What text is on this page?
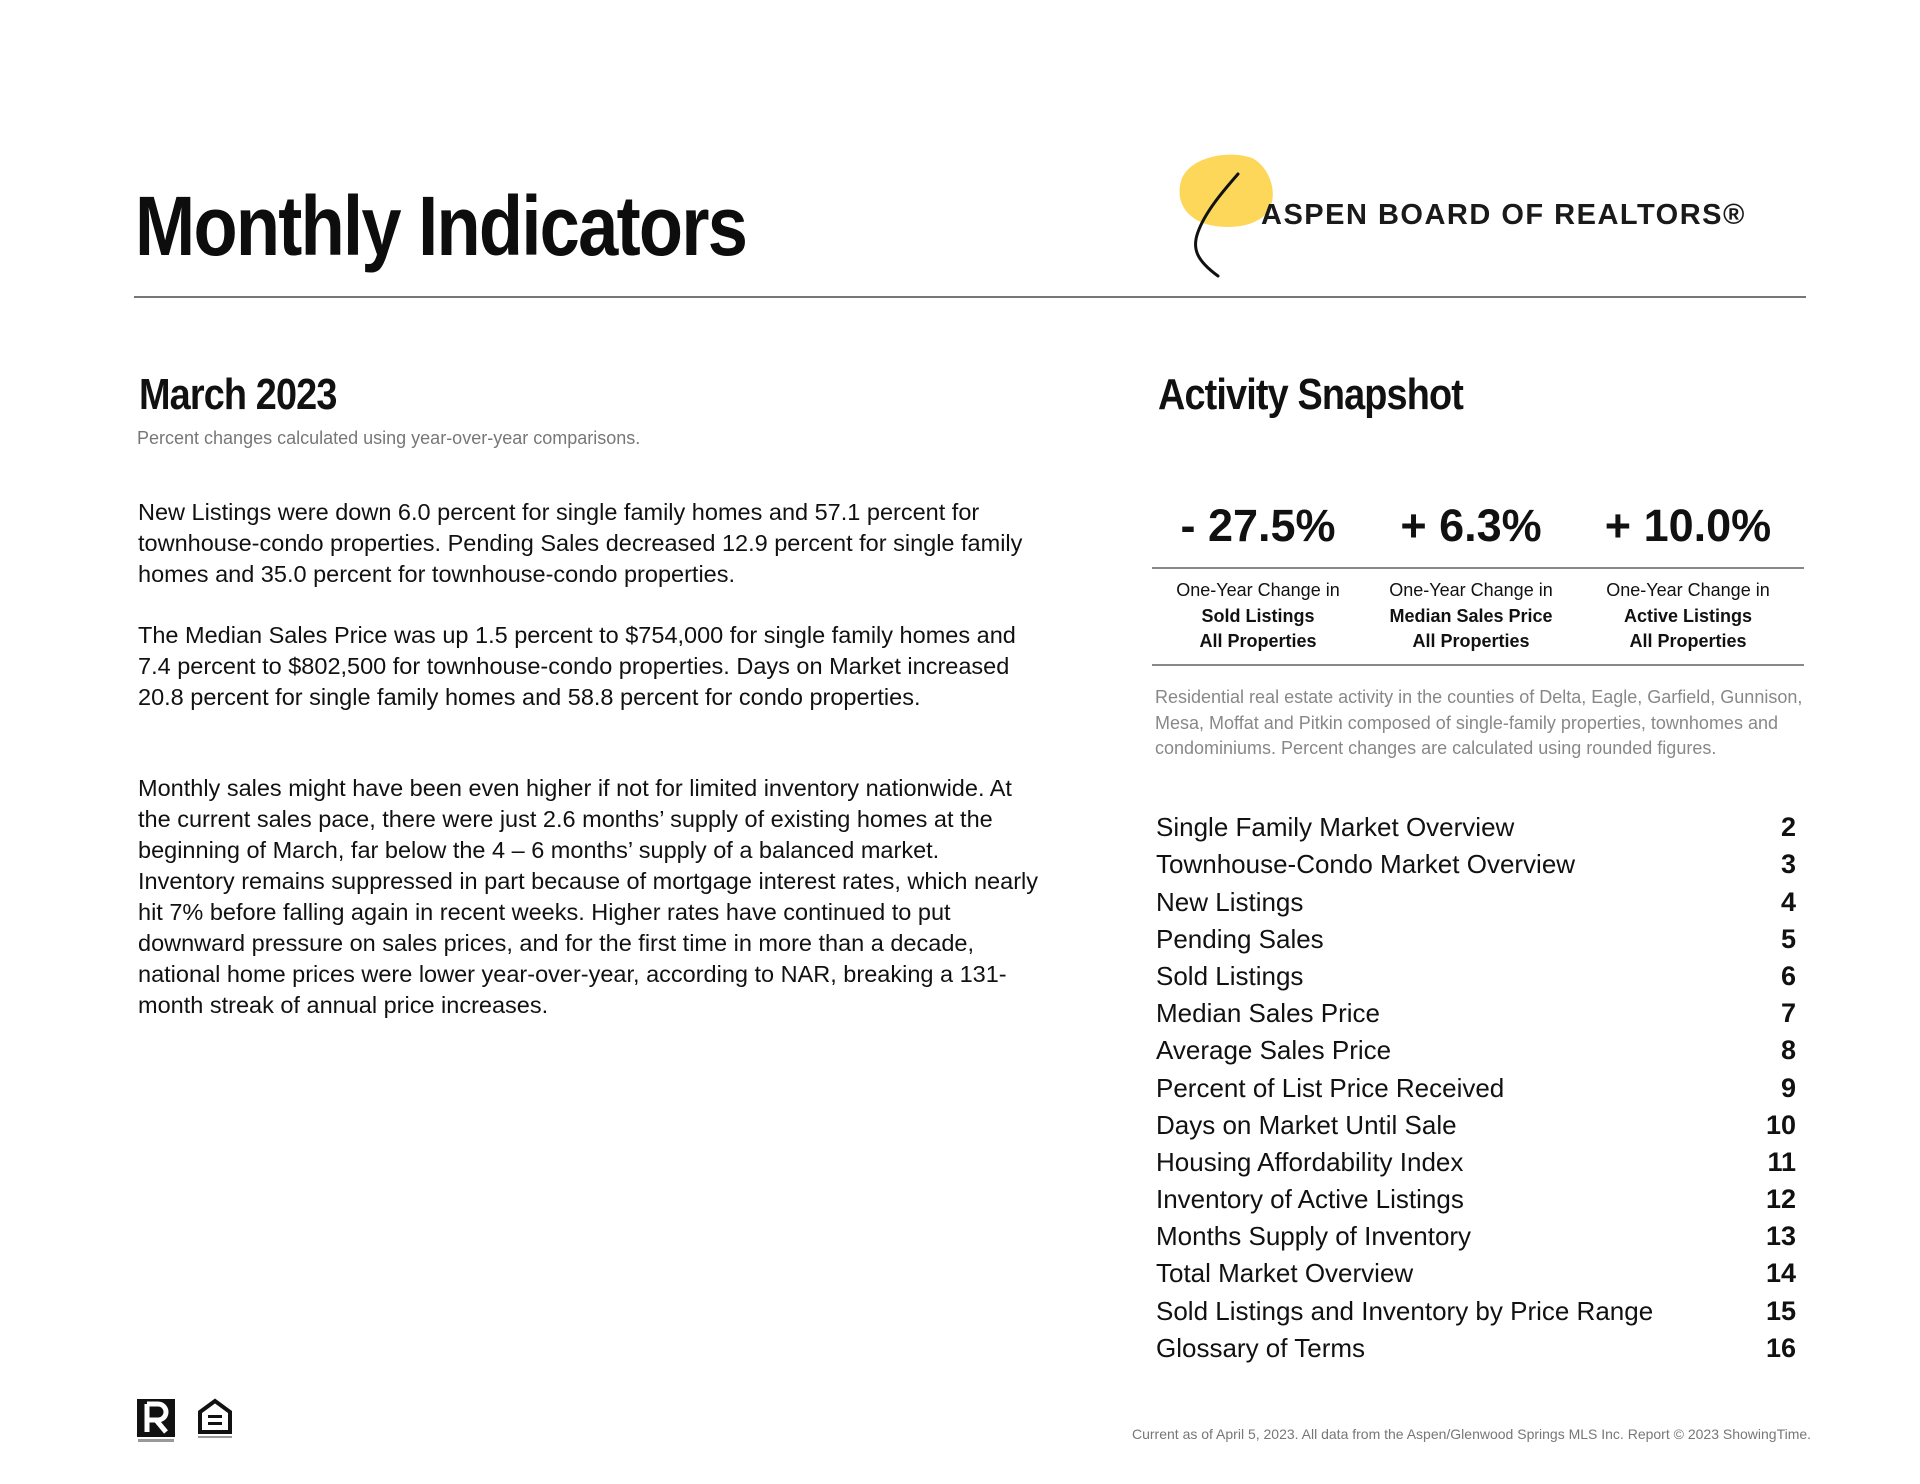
Monthly Indicators	ASPEN BOARD OF REALTORS®
March 2023
Percent changes calculated using year-over-year comparisons.

New Listings were down 6.0 percent for single family homes and 57.1 percent for townhouse-condo properties. Pending Sales decreased 12.9 percent for single family homes and 35.0 percent for townhouse-condo properties.

The Median Sales Price was up 1.5 percent to $754,000 for single family homes and 7.4 percent to $802,500 for townhouse-condo properties. Days on Market increased 20.8 percent for single family homes and 58.8 percent for condo properties.

Monthly sales might have been even higher if not for limited inventory nationwide. At the current sales pace, there were just 2.6 months’ supply of existing homes at the beginning of March, far below the 4 – 6 months’ supply of a balanced market. Inventory remains suppressed in part because of mortgage interest rates, which nearly hit 7% before falling again in recent weeks. Higher rates have continued to put downward pressure on sales prices, and for the first time in more than a decade, national home prices were lower year-over-year, according to NAR, breaking a 131-month streak of annual price increases.

Activity Snapshot
- 27.5%	+ 6.3%	+ 10.0%
One-Year Change in
Sold Listings
All Properties
One-Year Change in
Median Sales Price
All Properties
One-Year Change in
Active Listings
All Properties

Residential real estate activity in the counties of Delta, Eagle, Garfield, Gunnison, Mesa, Moffat and Pitkin composed of single-family properties, townhomes and condominiums. Percent changes are calculated using rounded figures.

Single Family Market Overview	2
Townhouse-Condo Market Overview	3
New Listings	4
Pending Sales	5
Sold Listings	6
Median Sales Price	7
Average Sales Price	8
Percent of List Price Received	9
Days on Market Until Sale	10
Housing Affordability Index	11
Inventory of Active Listings	12
Months Supply of Inventory	13
Total Market Overview	14
Sold Listings and Inventory by Price Range	15
Glossary of Terms	16
Current as of April 5, 2023. All data from the Aspen/Glenwood Springs MLS Inc. Report © 2023 ShowingTime.
